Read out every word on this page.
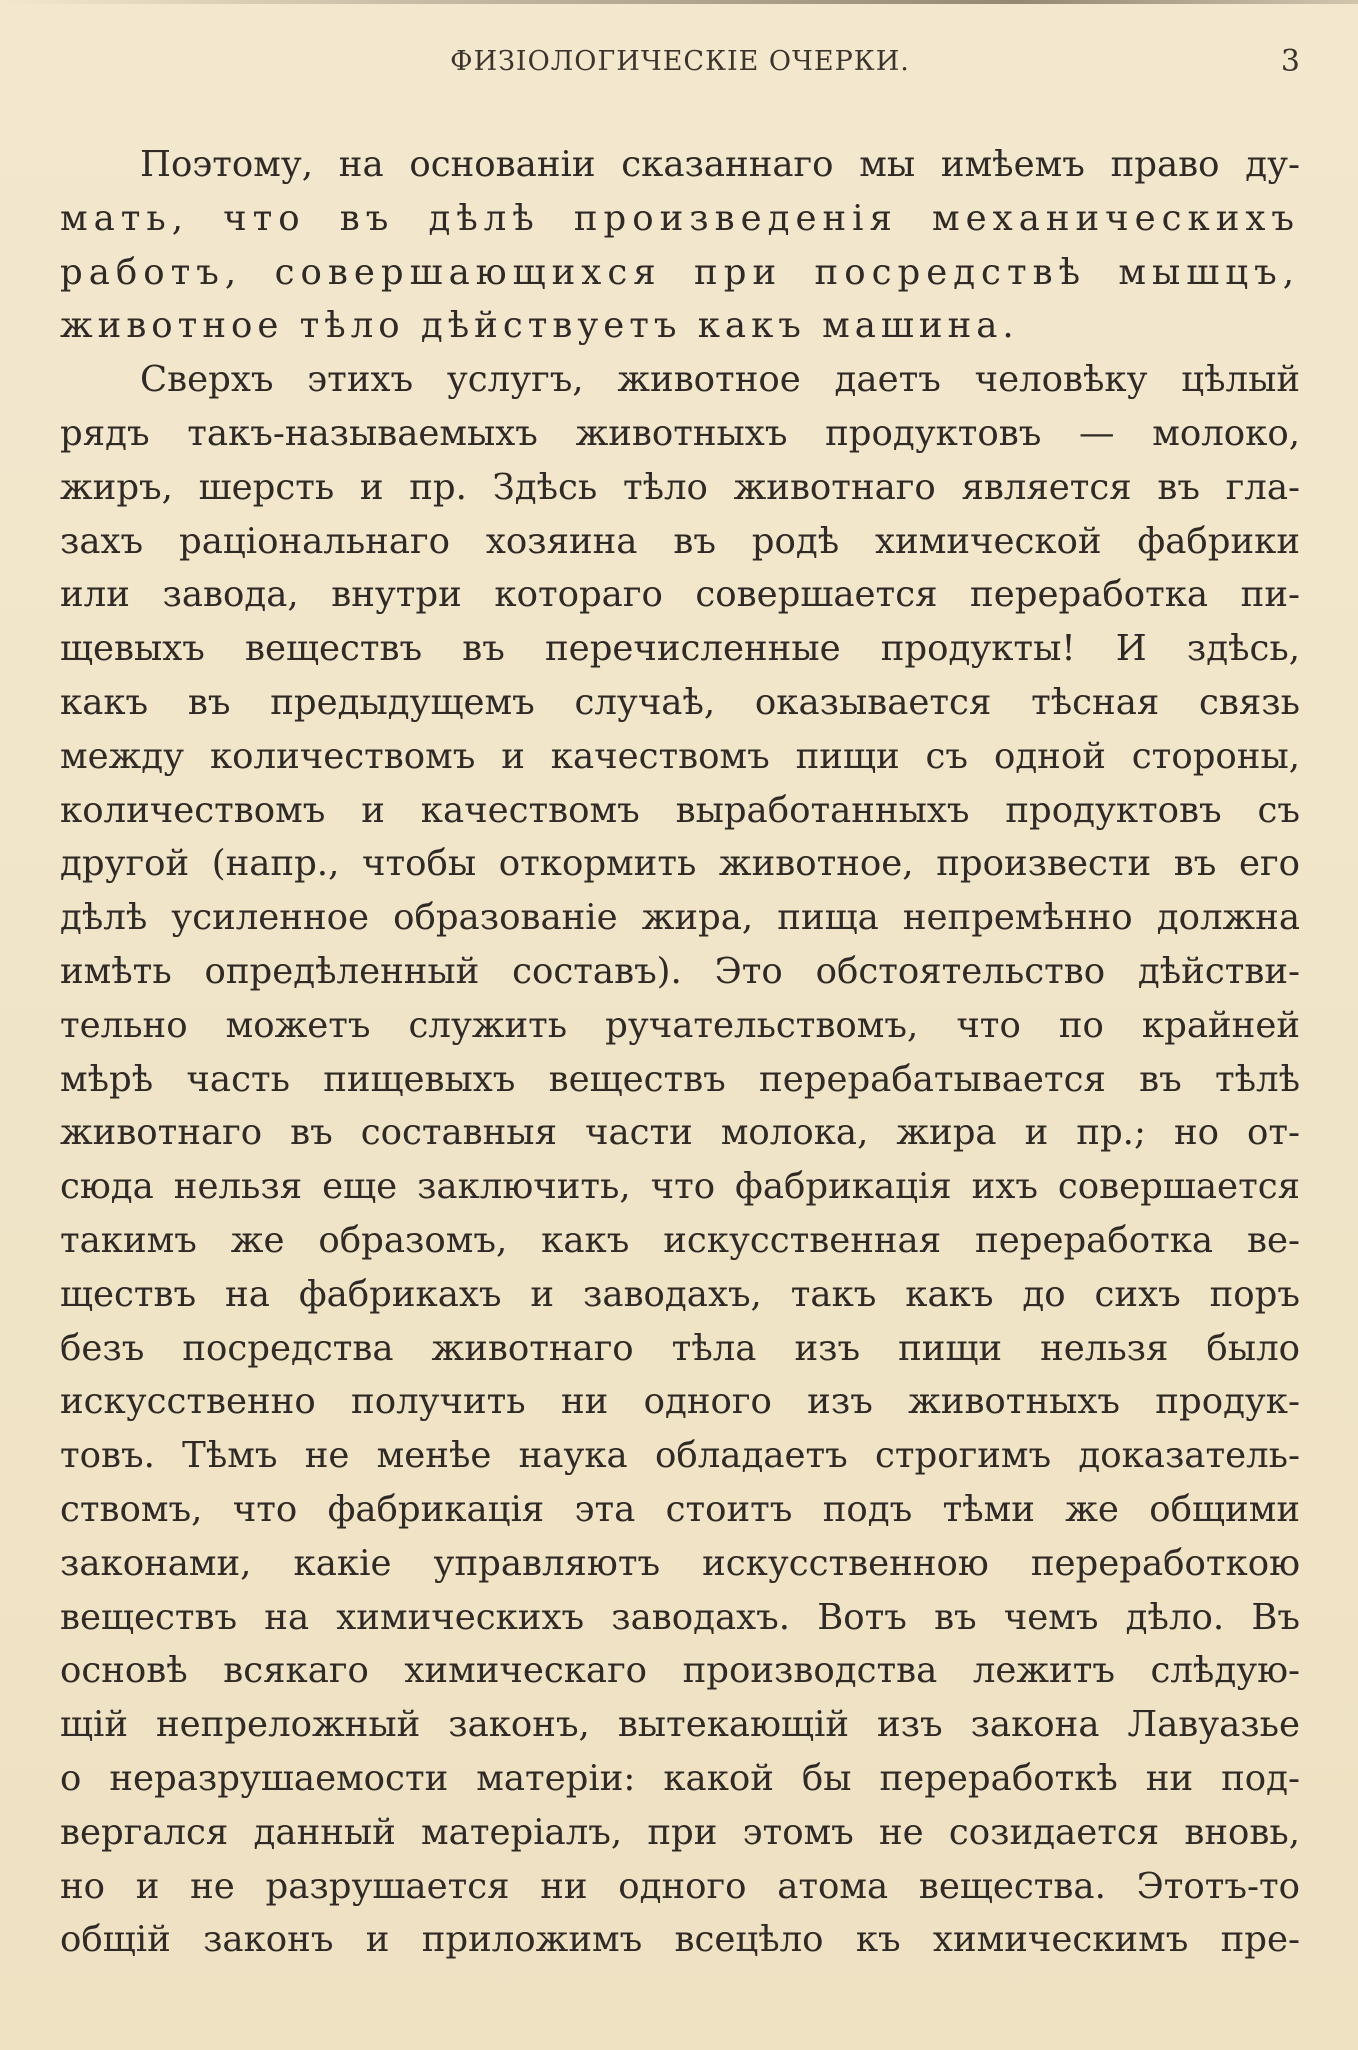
ФИЗІОЛОГИЧЕСКІЕ ОЧЕРКИ.	3
Поэтому, на основаніи сказаннаго мы имѣемъ право ду-
мать, что въ дѣлѣ произведенія механическихъ
работъ, совершающихся при посредствѣ мышцъ,
животное тѣло дѣйствуетъ какъ машина.
Сверхъ этихъ услугъ, животное даетъ человѣку цѣлый
рядъ такъ-называемыхъ животныхъ продуктовъ — молоко,
жиръ, шерсть и пр. Здѣсь тѣло животнаго является въ гла-
захъ раціональнаго хозяина въ родѣ химической фабрики
или завода, внутри котораго совершается переработка пи-
щевыхъ веществъ въ перечисленные продукты! И здѣсь,
какъ въ предыдущемъ случаѣ, оказывается тѣсная связь
между количествомъ и качествомъ пищи съ одной стороны,
количествомъ и качествомъ выработанныхъ продуктовъ съ
другой (напр., чтобы откормить животное, произвести въ его
дѣлѣ усиленное образованіе жира, пища непремѣнно должна
имѣть опредѣленный составъ). Это обстоятельство дѣйстви-
тельно можетъ служить ручательствомъ, что по крайней
мѣрѣ часть пищевыхъ веществъ перерабатывается въ тѣлѣ
животнаго въ составныя части молока, жира и пр.; но от-
сюда нельзя еще заключить, что фабрикація ихъ совершается
такимъ же образомъ, какъ искусственная переработка ве-
ществъ на фабрикахъ и заводахъ, такъ какъ до сихъ поръ
безъ посредства животнаго тѣла изъ пищи нельзя было
искусственно получить ни одного изъ животныхъ продук-
товъ. Тѣмъ не менѣе наука обладаетъ строгимъ доказатель-
ствомъ, что фабрикація эта стоитъ подъ тѣми же общими
законами, какіе управляютъ искусственною переработкою
веществъ на химическихъ заводахъ. Вотъ въ чемъ дѣло. Въ
основѣ всякаго химическаго производства лежитъ слѣдую-
щій непреложный законъ, вытекающій изъ закона Лавуазье
о неразрушаемости матеріи: какой бы переработкѣ ни под-
вергался данный матеріалъ, при этомъ не созидается вновь,
но и не разрушается ни одного атома вещества. Этотъ-то
общій законъ и приложимъ всецѣло къ химическимъ пре-
